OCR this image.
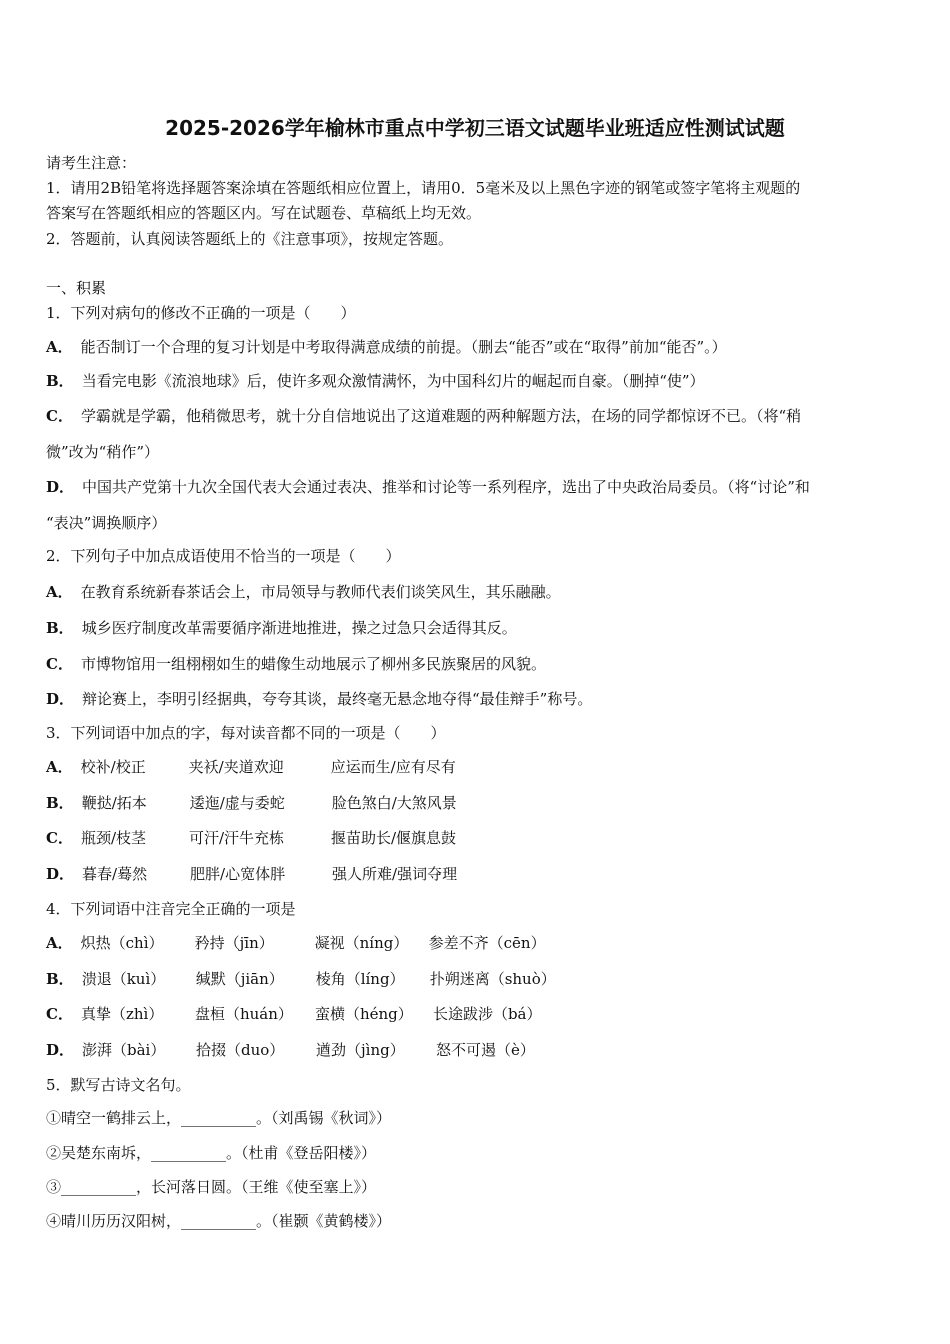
2025-2026学年榆林市重点中学初三语文试题毕业班适应性测试试题
请考生注意：
1．请用2B铅笔将选择题答案涂填在答题纸相应位置上，请用0．5毫米及以上黑色字迹的钢笔或签字笔将主观题的
答案写在答题纸相应的答题区内。写在试题卷、草稿纸上均无效。
2．答题前，认真阅读答题纸上的《注意事项》，按规定答题。
一、积累
1．下列对病句的修改不正确的一项是（　　）
A． 能否制订一个合理的复习计划是中考取得满意成绩的前提。（删去“能否”或在“取得”前加“能否”。）
B． 当看完电影《流浪地球》后，使许多观众激情满怀，为中国科幻片的崛起而自豪。（删掉“使”）
C． 学霸就是学霸，他稍微思考，就十分自信地说出了这道难题的两种解题方法，在场的同学都惊讶不已。（将“稍
微”改为“稍作”）
D． 中国共产党第十九次全国代表大会通过表决、推举和讨论等一系列程序，选出了中央政治局委员。（将“讨论”和
“表决”调换顺序）
2．下列句子中加点成语使用不恰当的一项是（　　）
A． 在教育系统新春茶话会上，市局领导与教师代表们谈笑风生，其乐融融。
B． 城乡医疗制度改革需要循序渐进地推进，操之过急只会适得其反。
C． 市博物馆用一组栩栩如生的蜡像生动地展示了柳州多民族聚居的风貌。
D． 辩论赛上，李明引经据典，夸夸其谈，最终毫无悬念地夺得“最佳辩手”称号。
3．下列词语中加点的字，每对读音都不同的一项是（　　）
A． 校补/校正	夹袄/夹道欢迎	应运而生/应有尽有
B． 鞭挞/拓本	逶迤/虚与委蛇	脸色煞白/大煞风景
C． 瓶颈/枝茎	可汗/汗牛充栋	揠苗助长/偃旗息鼓
D． 暮春/蓦然	肥胖/心宽体胖	强人所难/强词夺理
4．下列词语中注音完全正确的一项是
A． 炽热（chì） 矜持（jīn）	凝视（níng） 参差不齐（cēn）
B． 溃退（kuì） 缄默（jiān） 棱角（líng） 扑朔迷离（shuò）
C． 真挚（zhì） 盘桓（huán） 蛮横（héng） 长途跋涉（bá）
D． 澎湃（bài） 拾掇（duo） 遒劲（jìng） 怒不可遏（è）
5．默写古诗文名句。
①晴空一鹤排云上，__________。（刘禹锡《秋词》）
②吴楚东南坼，__________。（杜甫《登岳阳楼》）
③__________，长河落日圆。（王维《使至塞上》）
④晴川历历汉阳树，__________。（崔颢《黄鹤楼》）
